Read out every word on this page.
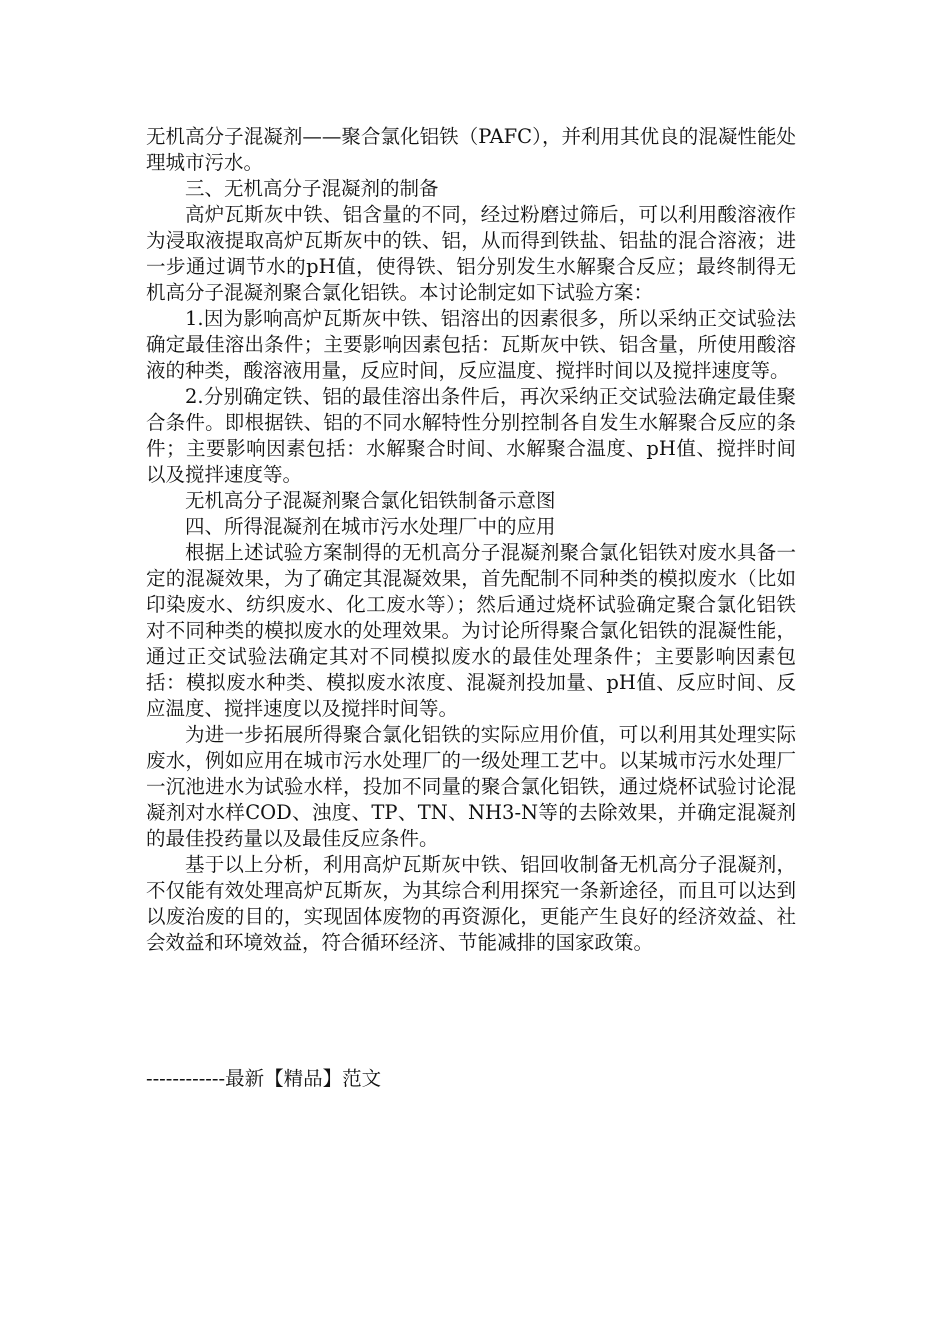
无机高分子混凝剂——聚合氯化铝铁（PAFC），并利用其优良的混凝性能处理城市污水。

三、无机高分子混凝剂的制备

高炉瓦斯灰中铁、铝含量的不同，经过粉磨过筛后，可以利用酸溶液作为浸取液提取高炉瓦斯灰中的铁、铝，从而得到铁盐、铝盐的混合溶液；进一步通过调节水的pH值，使得铁、铝分别发生水解聚合反应；最终制得无机高分子混凝剂聚合氯化铝铁。本讨论制定如下试验方案：

1.因为影响高炉瓦斯灰中铁、铝溶出的因素很多，所以采纳正交试验法确定最佳溶出条件；主要影响因素包括：瓦斯灰中铁、铝含量，所使用酸溶液的种类，酸溶液用量，反应时间，反应温度、搅拌时间以及搅拌速度等。

2.分别确定铁、铝的最佳溶出条件后，再次采纳正交试验法确定最佳聚合条件。即根据铁、铝的不同水解特性分别控制各自发生水解聚合反应的条件；主要影响因素包括：水解聚合时间、水解聚合温度、pH值、搅拌时间以及搅拌速度等。

无机高分子混凝剂聚合氯化铝铁制备示意图

四、所得混凝剂在城市污水处理厂中的应用

根据上述试验方案制得的无机高分子混凝剂聚合氯化铝铁对废水具备一定的混凝效果，为了确定其混凝效果，首先配制不同种类的模拟废水（比如印染废水、纺织废水、化工废水等）；然后通过烧杯试验确定聚合氯化铝铁对不同种类的模拟废水的处理效果。为讨论所得聚合氯化铝铁的混凝性能，通过正交试验法确定其对不同模拟废水的最佳处理条件；主要影响因素包括：模拟废水种类、模拟废水浓度、混凝剂投加量、pH值、反应时间、反应温度、搅拌速度以及搅拌时间等。

为进一步拓展所得聚合氯化铝铁的实际应用价值，可以利用其处理实际废水，例如应用在城市污水处理厂的一级处理工艺中。以某城市污水处理厂一沉池进水为试验水样，投加不同量的聚合氯化铝铁，通过烧杯试验讨论混凝剂对水样COD、浊度、TP、TN、NH3-N等的去除效果，并确定混凝剂的最佳投药量以及最佳反应条件。

基于以上分析，利用高炉瓦斯灰中铁、铝回收制备无机高分子混凝剂，不仅能有效处理高炉瓦斯灰，为其综合利用探究一条新途径，而且可以达到以废治废的目的，实现固体废物的再资源化，更能产生良好的经济效益、社会效益和环境效益，符合循环经济、节能减排的国家政策。

------------最新【精品】范文
